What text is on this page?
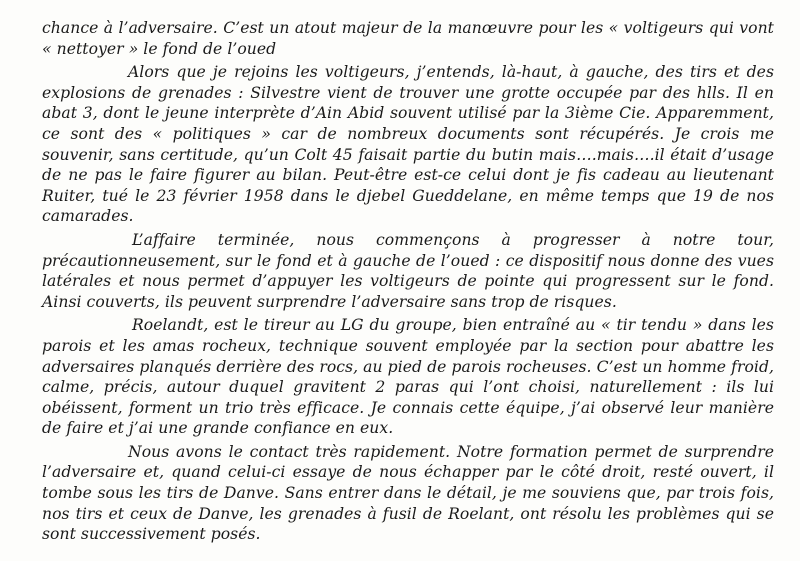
chance à l’adversaire. C’est un atout majeur de la manœuvre pour les « voltigeurs qui vont « nettoyer » le fond de l’oued

Alors que je rejoins les voltigeurs, j’entends, là-haut, à gauche, des tirs et des explosions de grenades : Silvestre vient de trouver une grotte occupée par des hlls. Il en abat 3, dont le jeune interprète d’Ain Abid souvent utilisé par la 3ième Cie. Apparemment, ce sont des « politiques » car de nombreux documents sont récupérés. Je crois me souvenir, sans certitude, qu’un Colt 45 faisait partie du butin mais….mais….il était d’usage de ne pas le faire figurer au bilan. Peut-être est-ce celui dont je fis cadeau au lieutenant Ruiter, tué le 23 février 1958 dans le djebel Gueddelane, en même temps que 19 de nos camarades.

L’affaire terminée, nous commençons à progresser à notre tour, précautionneusement, sur le fond et à gauche de l’oued : ce dispositif nous donne des vues latérales et nous permet d’appuyer les voltigeurs de pointe qui progressent sur le fond. Ainsi couverts, ils peuvent surprendre l’adversaire sans trop de risques.

Roelandt, est le tireur au LG du groupe, bien entraîné au « tir tendu » dans les parois et les amas rocheux, technique souvent employée par la section pour abattre les adversaires planqués derrière des rocs, au pied de parois rocheuses. C’est un homme froid, calme, précis, autour duquel gravitent 2 paras qui l’ont choisi, naturellement : ils lui obéissent, forment un trio très efficace. Je connais cette équipe, j’ai observé leur manière de faire et j’ai une grande confiance en eux.

Nous avons le contact très rapidement. Notre formation permet de surprendre l’adversaire et, quand celui-ci essaye de nous échapper par le côté droit, resté ouvert, il tombe sous les tirs de Danve. Sans entrer dans le détail, je me souviens que, par trois fois, nos tirs et ceux de Danve, les grenades à fusil de Roelant, ont résolu les problèmes qui se sont successivement posés.
